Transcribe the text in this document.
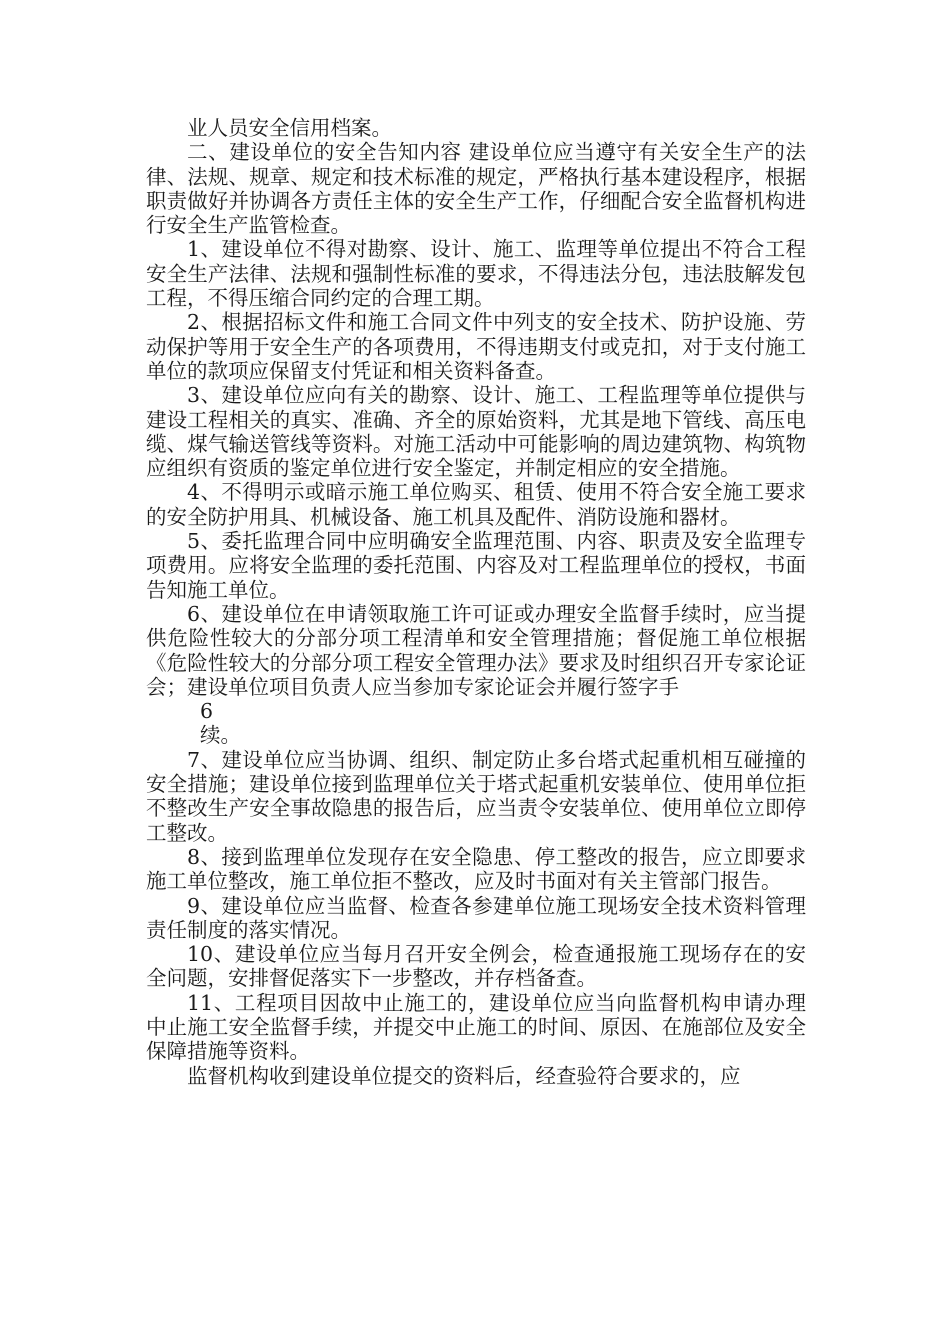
业人员安全信用档案。

二、建设单位的安全告知内容 建设单位应当遵守有关安全生产的法律、法规、规章、规定和技术标准的规定，严格执行基本建设程序，根据职责做好并协调各方责任主体的安全生产工作，仔细配合安全监督机构进行安全生产监管检查。

1、建设单位不得对勘察、设计、施工、监理等单位提出不符合工程安全生产法律、法规和强制性标准的要求，不得违法分包，违法肢解发包工程，不得压缩合同约定的合理工期。

2、根据招标文件和施工合同文件中列支的安全技术、防护设施、劳动保护等用于安全生产的各项费用，不得违期支付或克扣，对于支付施工单位的款项应保留支付凭证和相关资料备查。

3、建设单位应向有关的勘察、设计、施工、工程监理等单位提供与建设工程相关的真实、准确、齐全的原始资料，尤其是地下管线、高压电缆、煤气输送管线等资料。对施工活动中可能影响的周边建筑物、构筑物应组织有资质的鉴定单位进行安全鉴定，并制定相应的安全措施。

4、不得明示或暗示施工单位购买、租赁、使用不符合安全施工要求的安全防护用具、机械设备、施工机具及配件、消防设施和器材。

5、委托监理合同中应明确安全监理范围、内容、职责及安全监理专项费用。应将安全监理的委托范围、内容及对工程监理单位的授权，书面告知施工单位。

6、建设单位在申请领取施工许可证或办理安全监督手续时，应当提供危险性较大的分部分项工程清单和安全管理措施；督促施工单位根据《危险性较大的分部分项工程安全管理办法》要求及时组织召开专家论证会；建设单位项目负责人应当参加专家论证会并履行签字手

6

续。

7、建设单位应当协调、组织、制定防止多台塔式起重机相互碰撞的安全措施；建设单位接到监理单位关于塔式起重机安装单位、使用单位拒不整改生产安全事故隐患的报告后，应当责令安装单位、使用单位立即停工整改。

8、接到监理单位发现存在安全隐患、停工整改的报告，应立即要求施工单位整改，施工单位拒不整改，应及时书面对有关主管部门报告。

9、建设单位应当监督、检查各参建单位施工现场安全技术资料管理责任制度的落实情况。

10、建设单位应当每月召开安全例会，检查通报施工现场存在的安全问题，安排督促落实下一步整改，并存档备查。

11、工程项目因故中止施工的，建设单位应当向监督机构申请办理中止施工安全监督手续，并提交中止施工的时间、原因、在施部位及安全保障措施等资料。

监督机构收到建设单位提交的资料后，经查验符合要求的，应
